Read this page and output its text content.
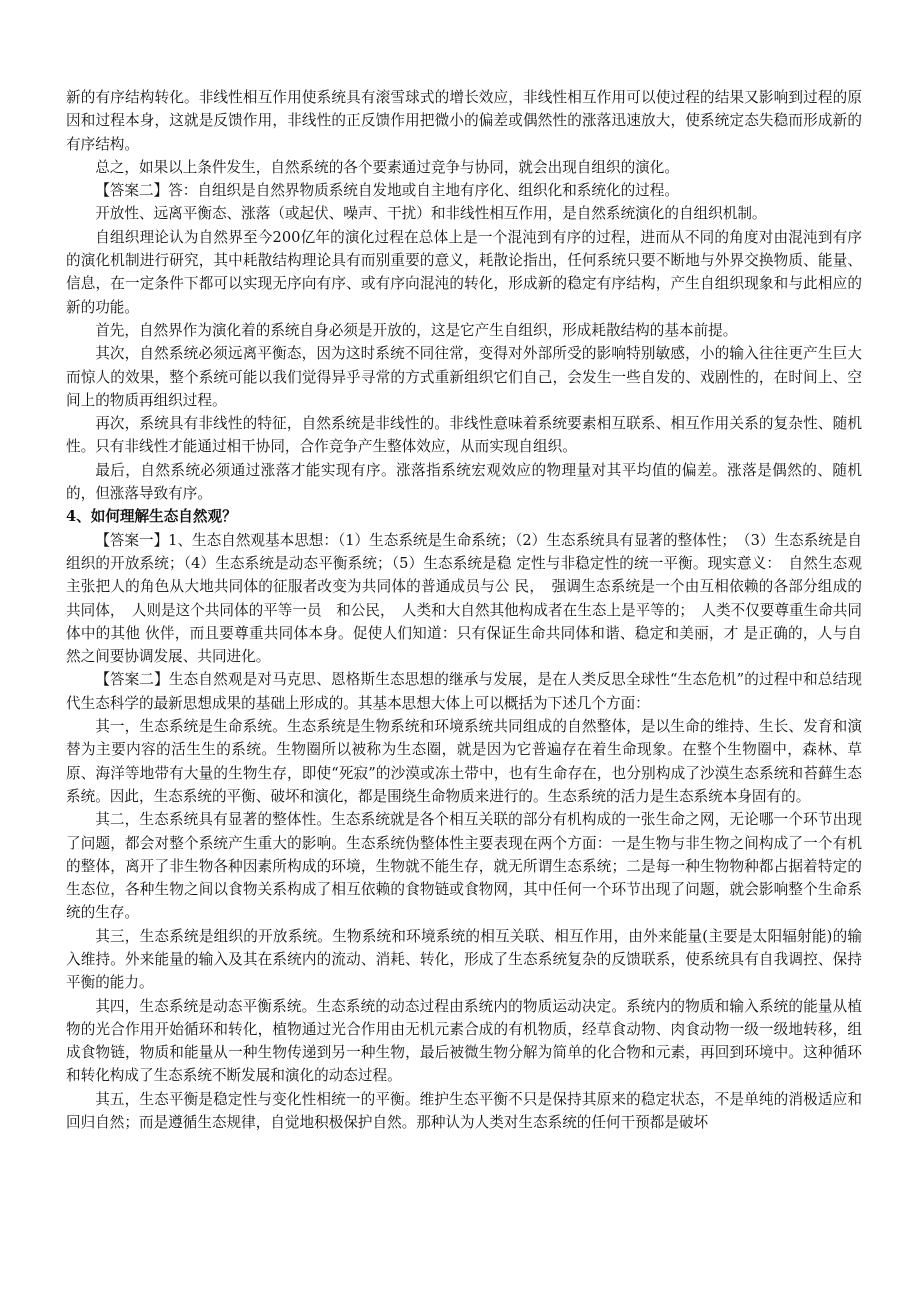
新的有序结构转化。非线性相互作用使系统具有滚雪球式的增长效应，非线性相互作用可以使过程的结果又影响到过程的原因和过程本身，这就是反馈作用，非线性的正反馈作用把微小的偏差或偶然性的涨落迅速放大，使系统定态失稳而形成新的有序结构。

总之，如果以上条件发生，自然系统的各个要素通过竞争与协同，就会出现自组织的演化。

【答案二】答：自组织是自然界物质系统自发地或自主地有序化、组织化和系统化的过程。

开放性、远离平衡态、涨落（或起伏、噪声、干扰）和非线性相互作用，是自然系统演化的自组织机制。

自组织理论认为自然界至今200亿年的演化过程在总体上是一个混沌到有序的过程，进而从不同的角度对由混沌到有序的演化机制进行研究，其中耗散结构理论具有而别重要的意义，耗散论指出，任何系统只要不断地与外界交换物质、能量、信息，在一定条件下都可以实现无序向有序、或有序向混沌的转化，形成新的稳定有序结构，产生自组织现象和与此相应的新的功能。

首先，自然界作为演化着的系统自身必须是开放的，这是它产生自组织，形成耗散结构的基本前提。

其次，自然系统必须远离平衡态，因为这时系统不同往常，变得对外部所受的影响特别敏感，小的输入往往更产生巨大而惊人的效果，整个系统可能以我们觉得异乎寻常的方式重新组织它们自己，会发生一些自发的、戏剧性的，在时间上、空间上的物质再组织过程。

再次，系统具有非线性的特征，自然系统是非线性的。非线性意味着系统要素相互联系、相互作用关系的复杂性、随机性。只有非线性才能通过相干协同，合作竞争产生整体效应，从而实现自组织。

最后，自然系统必须通过涨落才能实现有序。涨落指系统宏观效应的物理量对其平均值的偏差。涨落是偶然的、随机的，但涨落导致有序。

4、如何理解生态自然观？

【答案一】1、生态自然观基本思想：（1）生态系统是生命系统；（2）生态系统具有显著的整体性；　（3）生态系统是自组织的开放系统；（4）生态系统是动态平衡系统；（5）生态系统是稳 定性与非稳定性的统一平衡。现实意义：　自然生态观主张把人的角色从大地共同体的征服者改变为共同体的普通成员与公 民，　强调生态系统是一个由互相依赖的各部分组成的共同体，　人则是这个共同体的平等一员　和公民，　人类和大自然其他构成者在生态上是平等的；　人类不仅要尊重生命共同体中的其他 伙伴，而且要尊重共同体本身。促使人们知道：只有保证生命共同体和谐、稳定和美丽，才 是正确的，人与自然之间要协调发展、共同进化。

【答案二】生态自然观是对马克思、恩格斯生态思想的继承与发展，是在人类反思全球性“生态危机”的过程中和总结现代生态科学的最新思想成果的基础上形成的。其基本思想大体上可以概括为下述几个方面：

其一，生态系统是生命系统。生态系统是生物系统和环境系统共同组成的自然整体，是以生命的维持、生长、发育和演替为主要内容的活生生的系统。生物圈所以被称为生态圈，就是因为它普遍存在着生命现象。在整个生物圈中，森林、草原、海洋等地带有大量的生物生存，即使“死寂”的沙漠或冻土带中，也有生命存在，也分别构成了沙漠生态系统和苔藓生态系统。因此，生态系统的平衡、破坏和演化，都是围绕生命物质来进行的。生态系统的活力是生态系统本身固有的。

其二，生态系统具有显著的整体性。生态系统就是各个相互关联的部分有机构成的一张生命之网，无论哪一个环节出现了问题，都会对整个系统产生重大的影响。生态系统伪整体性主要表现在两个方面：一是生物与非生物之间构成了一个有机的整体，离开了非生物各种因素所构成的环境，生物就不能生存，就无所谓生态系统；二是每一种生物物种都占据着特定的生态位，各种生物之间以食物关系构成了相互依赖的食物链或食物网，其中任何一个环节出现了问题，就会影响整个生命系统的生存。

其三，生态系统是组织的开放系统。生物系统和环境系统的相互关联、相互作用，由外来能量(主要是太阳辐射能)的输入维持。外来能量的输入及其在系统内的流动、消耗、转化，形成了生态系统复杂的反馈联系，使系统具有自我调控、保持平衡的能力。

其四，生态系统是动态平衡系统。生态系统的动态过程由系统内的物质运动决定。系统内的物质和输入系统的能量从植物的光合作用开始循环和转化，植物通过光合作用由无机元素合成的有机物质，经草食动物、肉食动物一级一级地转移，组成食物链，物质和能量从一种生物传递到另一种生物，最后被微生物分解为简单的化合物和元素，再回到环境中。这种循环和转化构成了生态系统不断发展和演化的动态过程。

其五，生态平衡是稳定性与变化性相统一的平衡。维护生态平衡不只是保持其原来的稳定状态，不是单纯的消极适应和回归自然；而是遵循生态规律，自觉地积极保护自然。那种认为人类对生态系统的任何干预都是破坏
